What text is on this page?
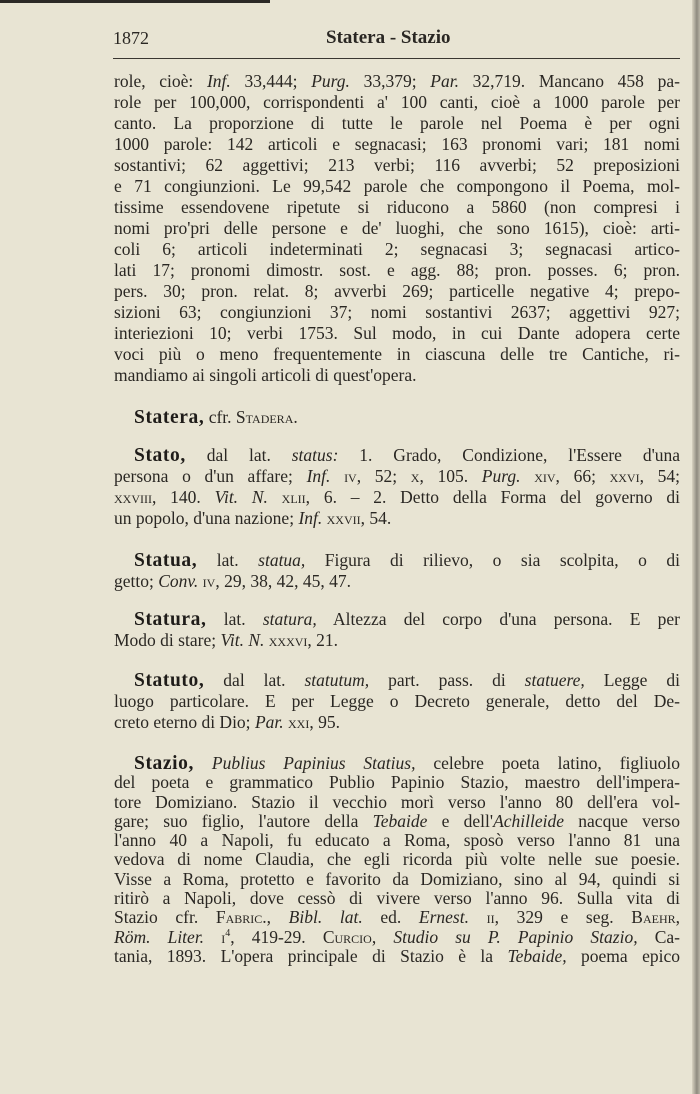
1872	Statera - Stazio
role, cioè: Inf. 33,444; Purg. 33,379; Par. 32,719. Mancano 458 pa-
role per 100,000, corrispondenti a' 100 canti, cioè a 1000 parole per
canto. La proporzione di tutte le parole nel Poema è per ogni
1000 parole: 142 articoli e segnacasi; 163 pronomi vari; 181 nomi
sostantivi; 62 aggettivi; 213 verbi; 116 avverbi; 52 preposizioni
e 71 congiunzioni. Le 99,542 parole che compongono il Poema, mol-
tissime essendovene ripetute si riducono a 5860 (non compresi i
nomi pro'pri delle persone e de' luoghi, che sono 1615), cioè: arti-
coli 6; articoli indeterminati 2; segnacasi 3; segnacasi artico-
lati 17; pronomi dimostr. sost. e agg. 88; pron. posses. 6; pron.
pers. 30; pron. relat. 8; avverbi 269; particelle negative 4; prepo-
sizioni 63; congiunzioni 37; nomi sostantivi 2637; aggettivi 927;
interiezioni 10; verbi 1753. Sul modo, in cui Dante adopera certe
voci più o meno frequentemente in ciascuna delle tre Cantiche, ri-
mandiamo ai singoli articoli di quest'opera.
Statera, cfr. Stadera.
Stato, dal lat. status: 1. Grado, Condizione, l'Essere d'una
persona o d'un affare; Inf. iv, 52; x, 105. Purg. xiv, 66; xxvi, 54;
xxviii, 140. Vit. N. xlii, 6. – 2. Detto della Forma del governo di
un popolo, d'una nazione; Inf. xxvii, 54.
Statua, lat. statua, Figura di rilievo, o sia scolpita, o di
getto; Conv. iv, 29, 38, 42, 45, 47.
Statura, lat. statura, Altezza del corpo d'una persona. E per
Modo di stare; Vit. N. xxxvi, 21.
Statuto, dal lat. statutum, part. pass. di statuere, Legge di
luogo particolare. E per Legge o Decreto generale, detto del De-
creto eterno di Dio; Par. xxi, 95.
Stazio, Publius Papinius Statius, celebre poeta latino, figliuolo
del poeta e grammatico Publio Papinio Stazio, maestro dell'impera-
tore Domiziano. Stazio il vecchio morì verso l'anno 80 dell'era vol-
gare; suo figlio, l'autore della Tebaide e dell'Achilleide nacque verso
l'anno 40 a Napoli, fu educato a Roma, sposò verso l'anno 81 una
vedova di nome Claudia, che egli ricorda più volte nelle sue poesie.
Visse a Roma, protetto e favorito da Domiziano, sino al 94, quindi si
ritirò a Napoli, dove cessò di vivere verso l'anno 96. Sulla vita di
Stazio cfr. Fabric., Bibl. lat. ed. Ernest. ii, 329 e seg. Baehr,
Röm. Liter. $i^4$, 419-29. Curcio, Studio su P. Papinio Stazio, Ca-
tania, 1893. L'opera principale di Stazio è la Tebaide, poema epico
